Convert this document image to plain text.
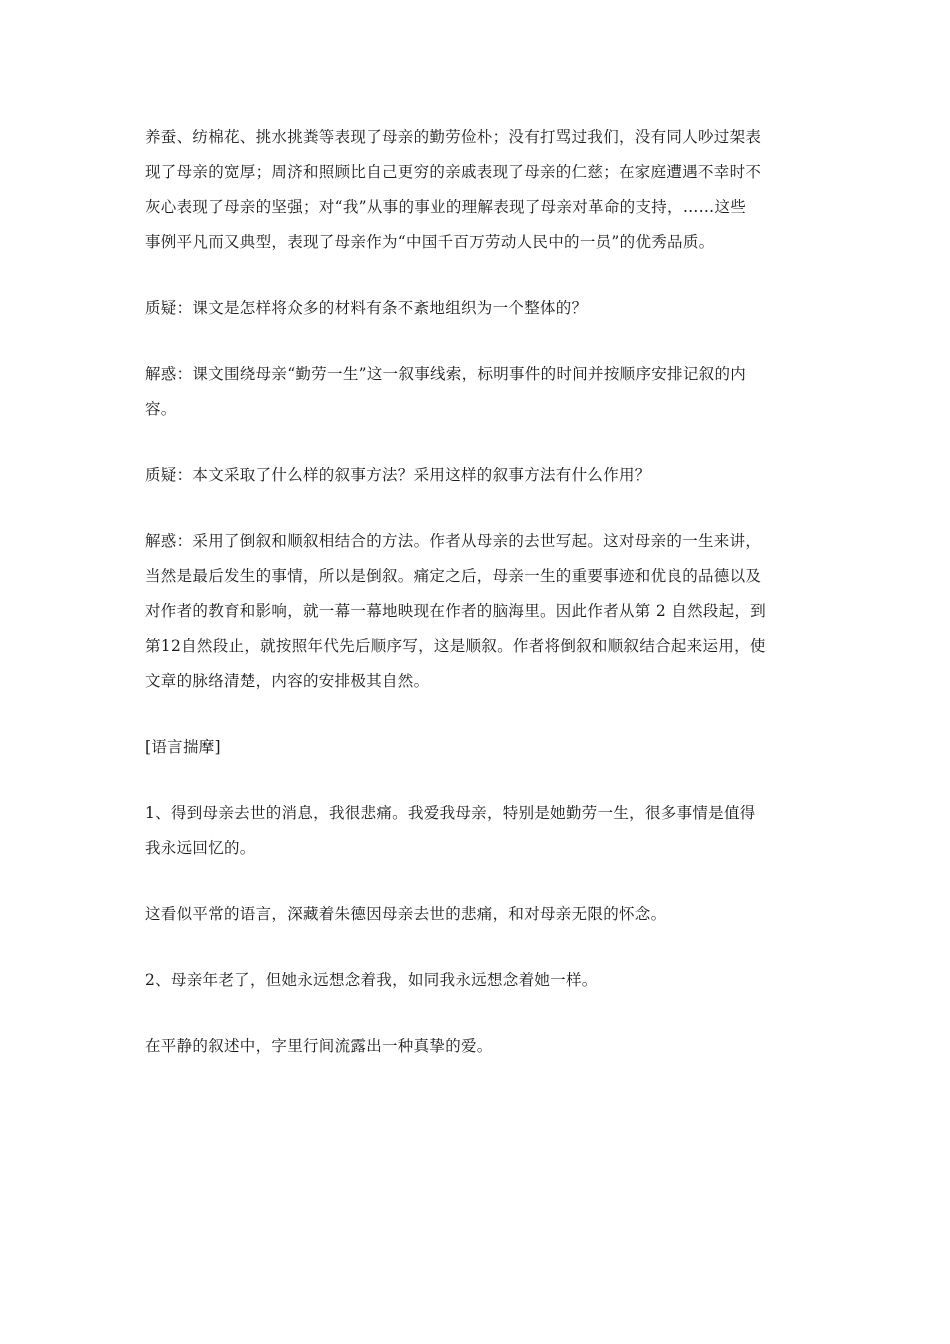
养蚕、纺棉花、挑水挑粪等表现了母亲的勤劳俭朴；没有打骂过我们，没有同人吵过架表
现了母亲的宽厚；周济和照顾比自己更穷的亲戚表现了母亲的仁慈；在家庭遭遇不幸时不
灰心表现了母亲的坚强；对“我”从事的事业的理解表现了母亲对革命的支持，……这些
事例平凡而又典型，表现了母亲作为“中国千百万劳动人民中的一员”的优秀品质。

质疑：课文是怎样将众多的材料有条不紊地组织为一个整体的？

解惑：课文围绕母亲“勤劳一生”这一叙事线索，标明事件的时间并按顺序安排记叙的内
容。

质疑：本文采取了什么样的叙事方法？采用这样的叙事方法有什么作用？

解惑：采用了倒叙和顺叙相结合的方法。作者从母亲的去世写起。这对母亲的一生来讲，
当然是最后发生的事情，所以是倒叙。痛定之后，母亲一生的重要事迹和优良的品德以及
对作者的教育和影响，就一幕一幕地映现在作者的脑海里。因此作者从第 2 自然段起，到
第12自然段止，就按照年代先后顺序写，这是顺叙。作者将倒叙和顺叙结合起来运用，使
文章的脉络清楚，内容的安排极其自然。

[语言揣摩]

1、得到母亲去世的消息，我很悲痛。我爱我母亲，特别是她勤劳一生，很多事情是值得
我永远回忆的。

这看似平常的语言，深藏着朱德因母亲去世的悲痛，和对母亲无限的怀念。

2、母亲年老了，但她永远想念着我，如同我永远想念着她一样。

在平静的叙述中，字里行间流露出一种真挚的爱。
